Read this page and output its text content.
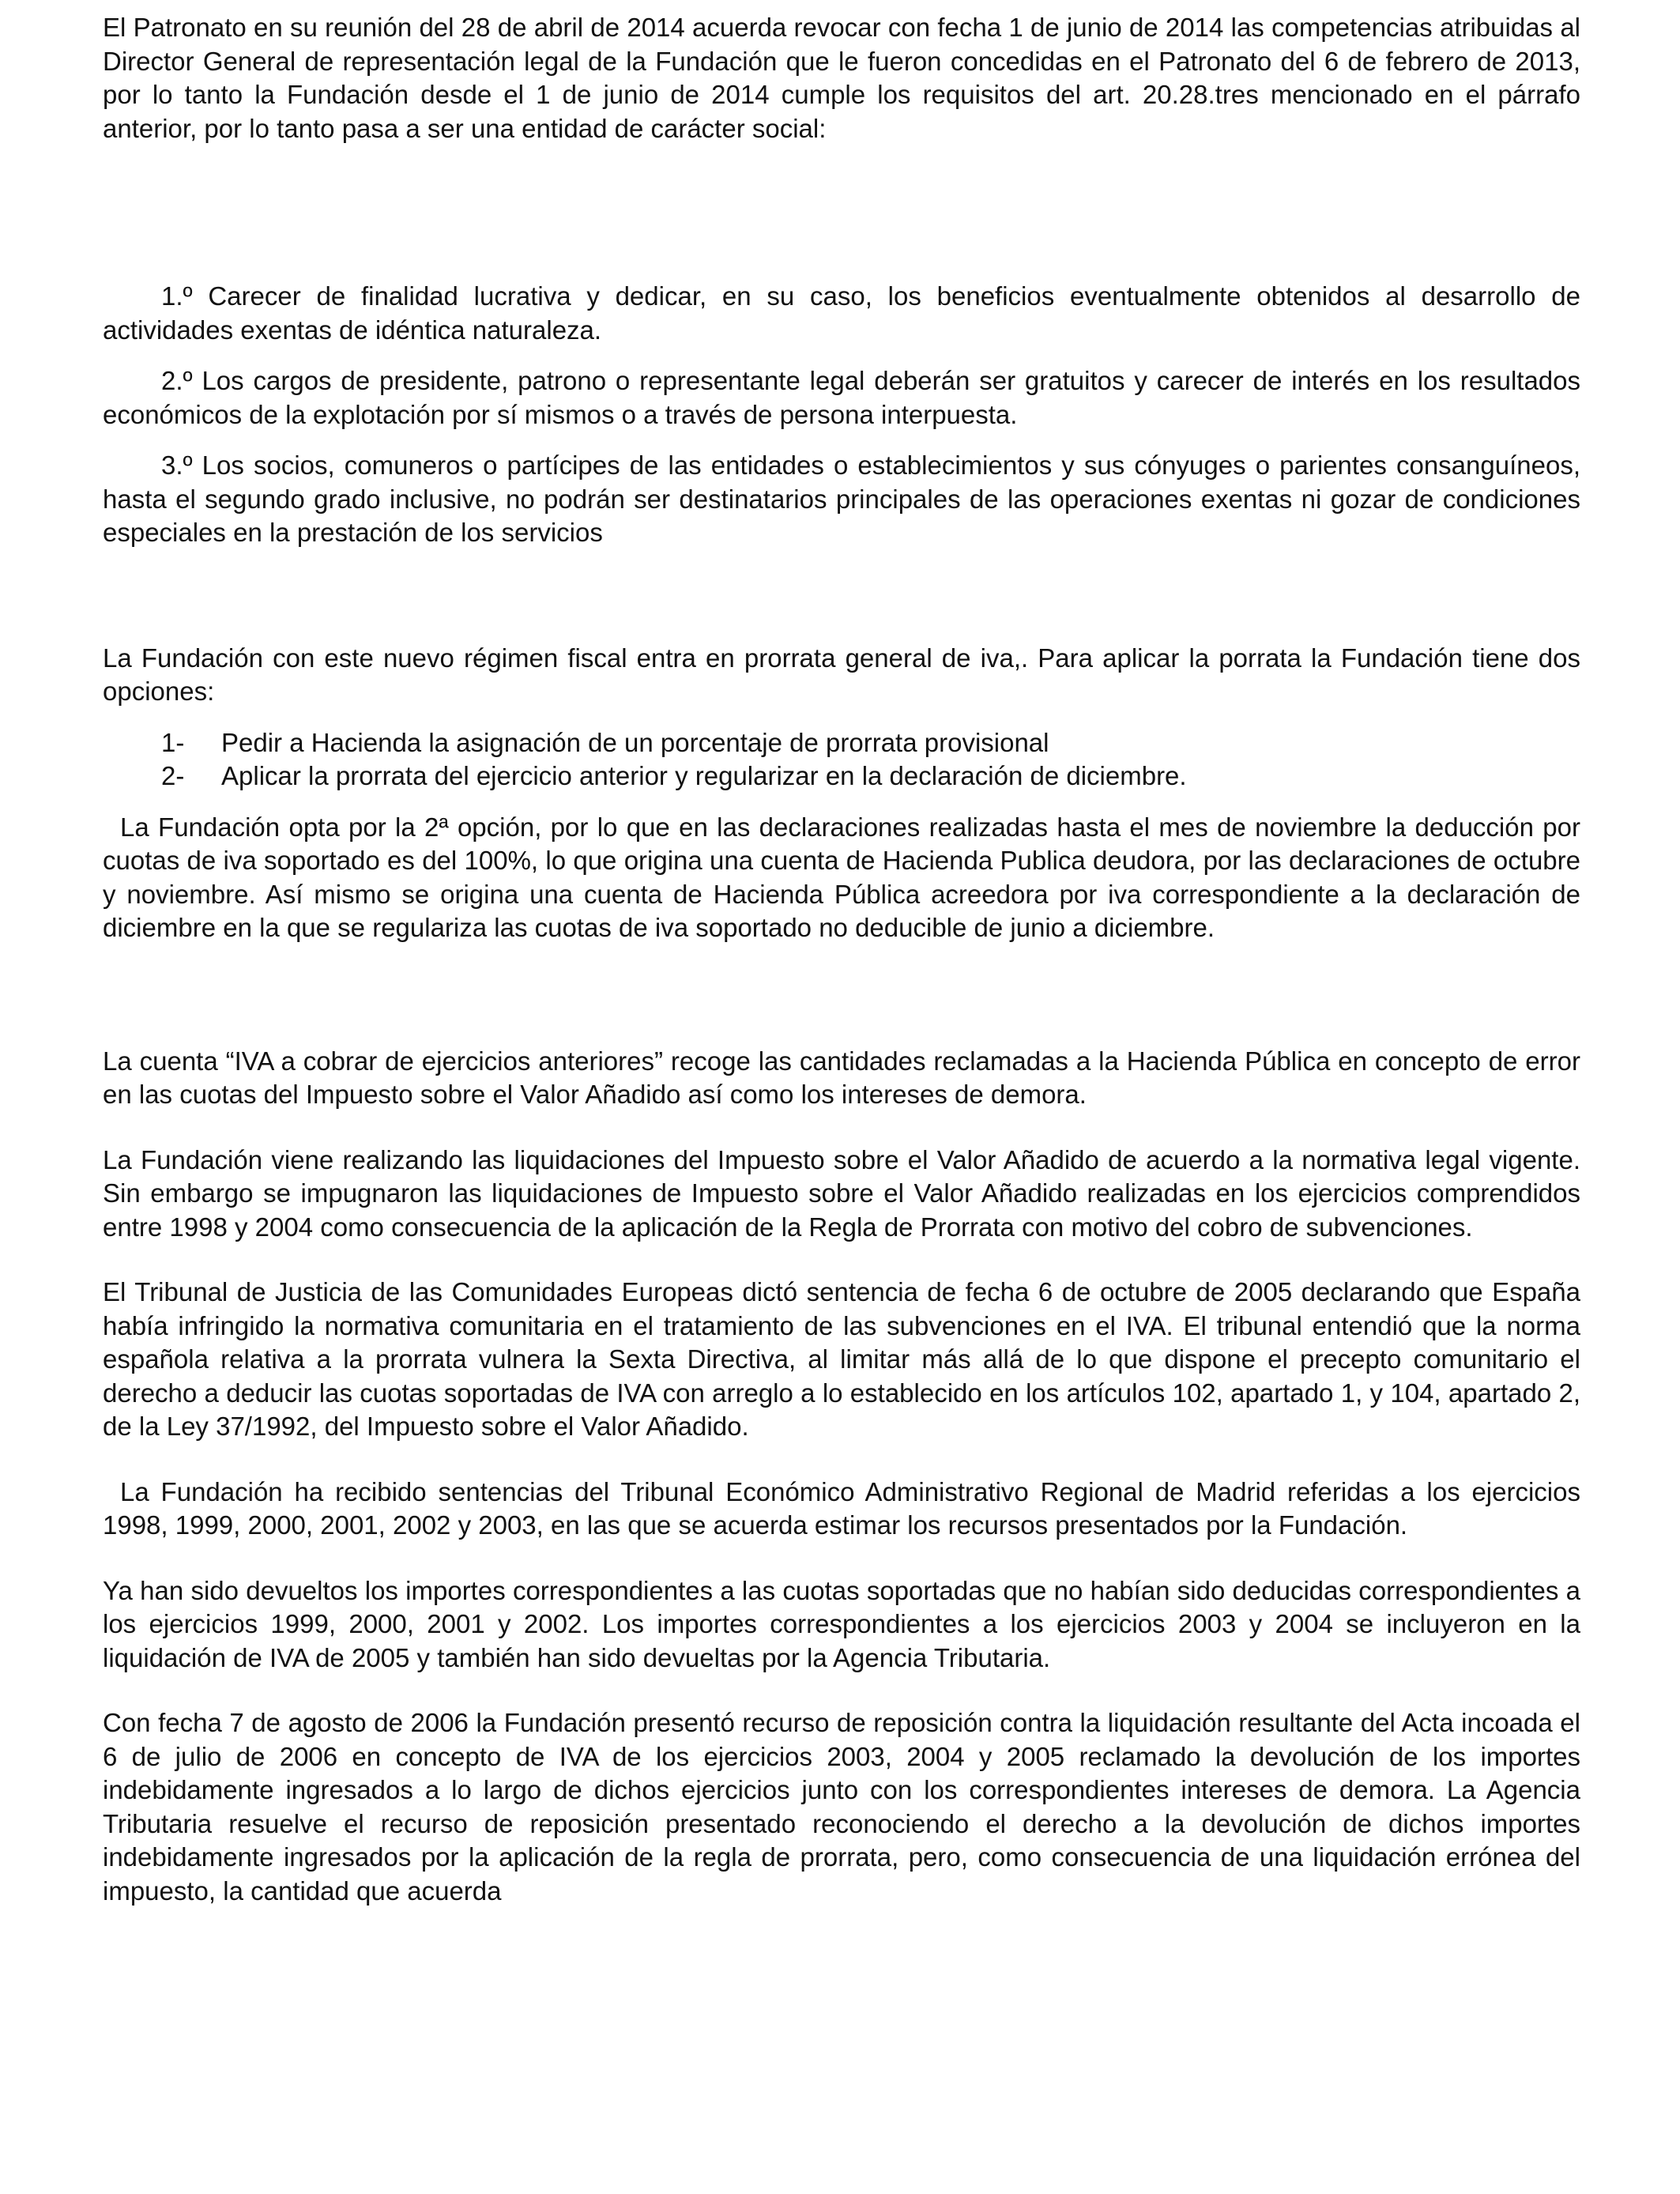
El Patronato en su reunión del 28 de abril de 2014 acuerda revocar con fecha 1 de junio de 2014 las competencias atribuidas al Director General de representación legal de la Fundación que le fueron concedidas en el Patronato del 6 de febrero de 2013, por lo tanto la Fundación desde el 1 de junio de 2014 cumple los requisitos del art. 20.28.tres mencionado en el párrafo anterior, por lo tanto pasa a ser una entidad de carácter social:

1.º Carecer de finalidad lucrativa y dedicar, en su caso, los beneficios eventualmente obtenidos al desarrollo de actividades exentas de idéntica naturaleza.

2.º Los cargos de presidente, patrono o representante legal deberán ser gratuitos y carecer de interés en los resultados económicos de la explotación por sí mismos o a través de persona interpuesta.

3.º Los socios, comuneros o partícipes de las entidades o establecimientos y sus cónyuges o parientes consanguíneos, hasta el segundo grado inclusive, no podrán ser destinatarios principales de las operaciones exentas ni gozar de condiciones especiales en la prestación de los servicios

La Fundación con este nuevo régimen fiscal entra en prorrata general de iva,. Para aplicar la porrata la Fundación tiene dos opciones:

1-	Pedir a Hacienda la asignación de un porcentaje de prorrata provisional
2-	Aplicar la prorrata del ejercicio anterior y regularizar en la declaración de diciembre.

La Fundación opta por la 2ª opción, por lo que en las declaraciones realizadas hasta el mes de noviembre la deducción por cuotas de iva soportado es del 100%, lo que origina una cuenta de Hacienda Publica deudora, por las declaraciones de octubre y noviembre. Así mismo se origina una cuenta de Hacienda Pública acreedora por iva correspondiente a la declaración de diciembre en la que se regulariza las cuotas de iva soportado no deducible de junio a diciembre.

La cuenta “IVA a cobrar de ejercicios anteriores” recoge las cantidades reclamadas a la Hacienda Pública en concepto de error en las cuotas del Impuesto sobre el Valor Añadido así como los intereses de demora.

La Fundación viene realizando las liquidaciones del Impuesto sobre el Valor Añadido de acuerdo a la normativa legal vigente. Sin embargo se impugnaron las liquidaciones de Impuesto sobre el Valor Añadido realizadas en los ejercicios comprendidos entre 1998 y 2004 como consecuencia de la aplicación de la Regla de Prorrata con motivo del cobro de subvenciones.

El Tribunal de Justicia de las Comunidades Europeas dictó sentencia de fecha 6 de octubre de 2005 declarando que España había infringido la normativa comunitaria en el tratamiento de las subvenciones en el IVA. El tribunal entendió que la norma española relativa a la prorrata vulnera la Sexta Directiva, al limitar más allá de lo que dispone el precepto comunitario el derecho a deducir las cuotas soportadas de IVA con arreglo a lo establecido en los artículos 102, apartado 1, y 104, apartado 2, de la Ley 37/1992, del Impuesto sobre el Valor Añadido.

La Fundación ha recibido sentencias del Tribunal Económico Administrativo Regional de Madrid referidas a los ejercicios 1998, 1999, 2000, 2001, 2002 y 2003, en las que se acuerda estimar los recursos presentados por la Fundación.

Ya han sido devueltos los importes correspondientes a las cuotas soportadas que no habían sido deducidas correspondientes a los ejercicios 1999, 2000, 2001 y 2002. Los importes correspondientes a los ejercicios 2003 y 2004 se incluyeron en la liquidación de IVA de 2005 y también han sido devueltas por la Agencia Tributaria.

Con fecha 7 de agosto de 2006 la Fundación presentó recurso de reposición contra la liquidación resultante del Acta incoada el 6 de julio de 2006 en concepto de IVA de los ejercicios 2003, 2004 y 2005 reclamado la devolución de los importes indebidamente ingresados a lo largo de dichos ejercicios junto con los correspondientes intereses de demora. La Agencia Tributaria resuelve el recurso de reposición presentado reconociendo el derecho a la devolución de dichos importes indebidamente ingresados por la aplicación de la regla de prorrata, pero, como consecuencia de una liquidación errónea del impuesto, la cantidad que acuerda
